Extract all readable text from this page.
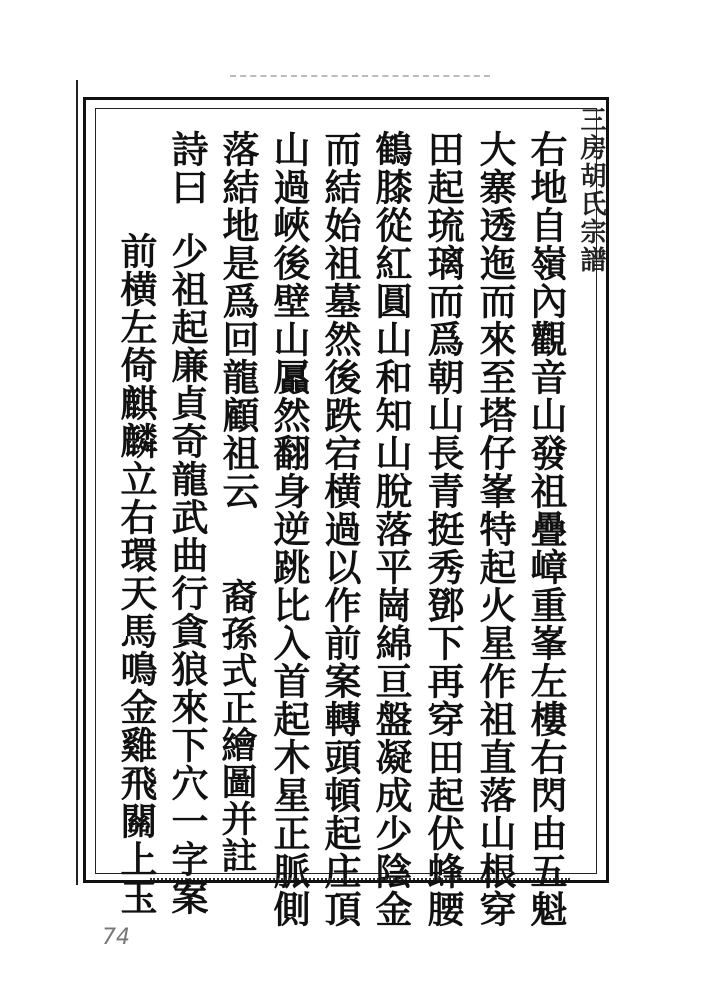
三房胡氏宗譜
右地自嶺內觀音山發祖疊嶂重峯左樓右閃由五魁
大寨透迤而來至塔仔峯特起火星作祖直落山根穿
田起琉璃而爲朝山長青挺秀鄧下再穿田起伏蜂腰
鶴膝從紅圓山和知山脫落平崗綿亘盤凝成少陰金
而結始祖墓然後跌宕横過以作前案轉頭頓起庄頂
山過峽後壁山屭然翻身逆跳比入首起木星正脈側
落結地是爲回龍顧祖云
詩曰
裔孫式正繪圖并註
少祖起廉貞奇龍武曲行貪狼來下穴一字案
前横左倚麒麟立右環天馬鳴金雞飛關上玉
74
